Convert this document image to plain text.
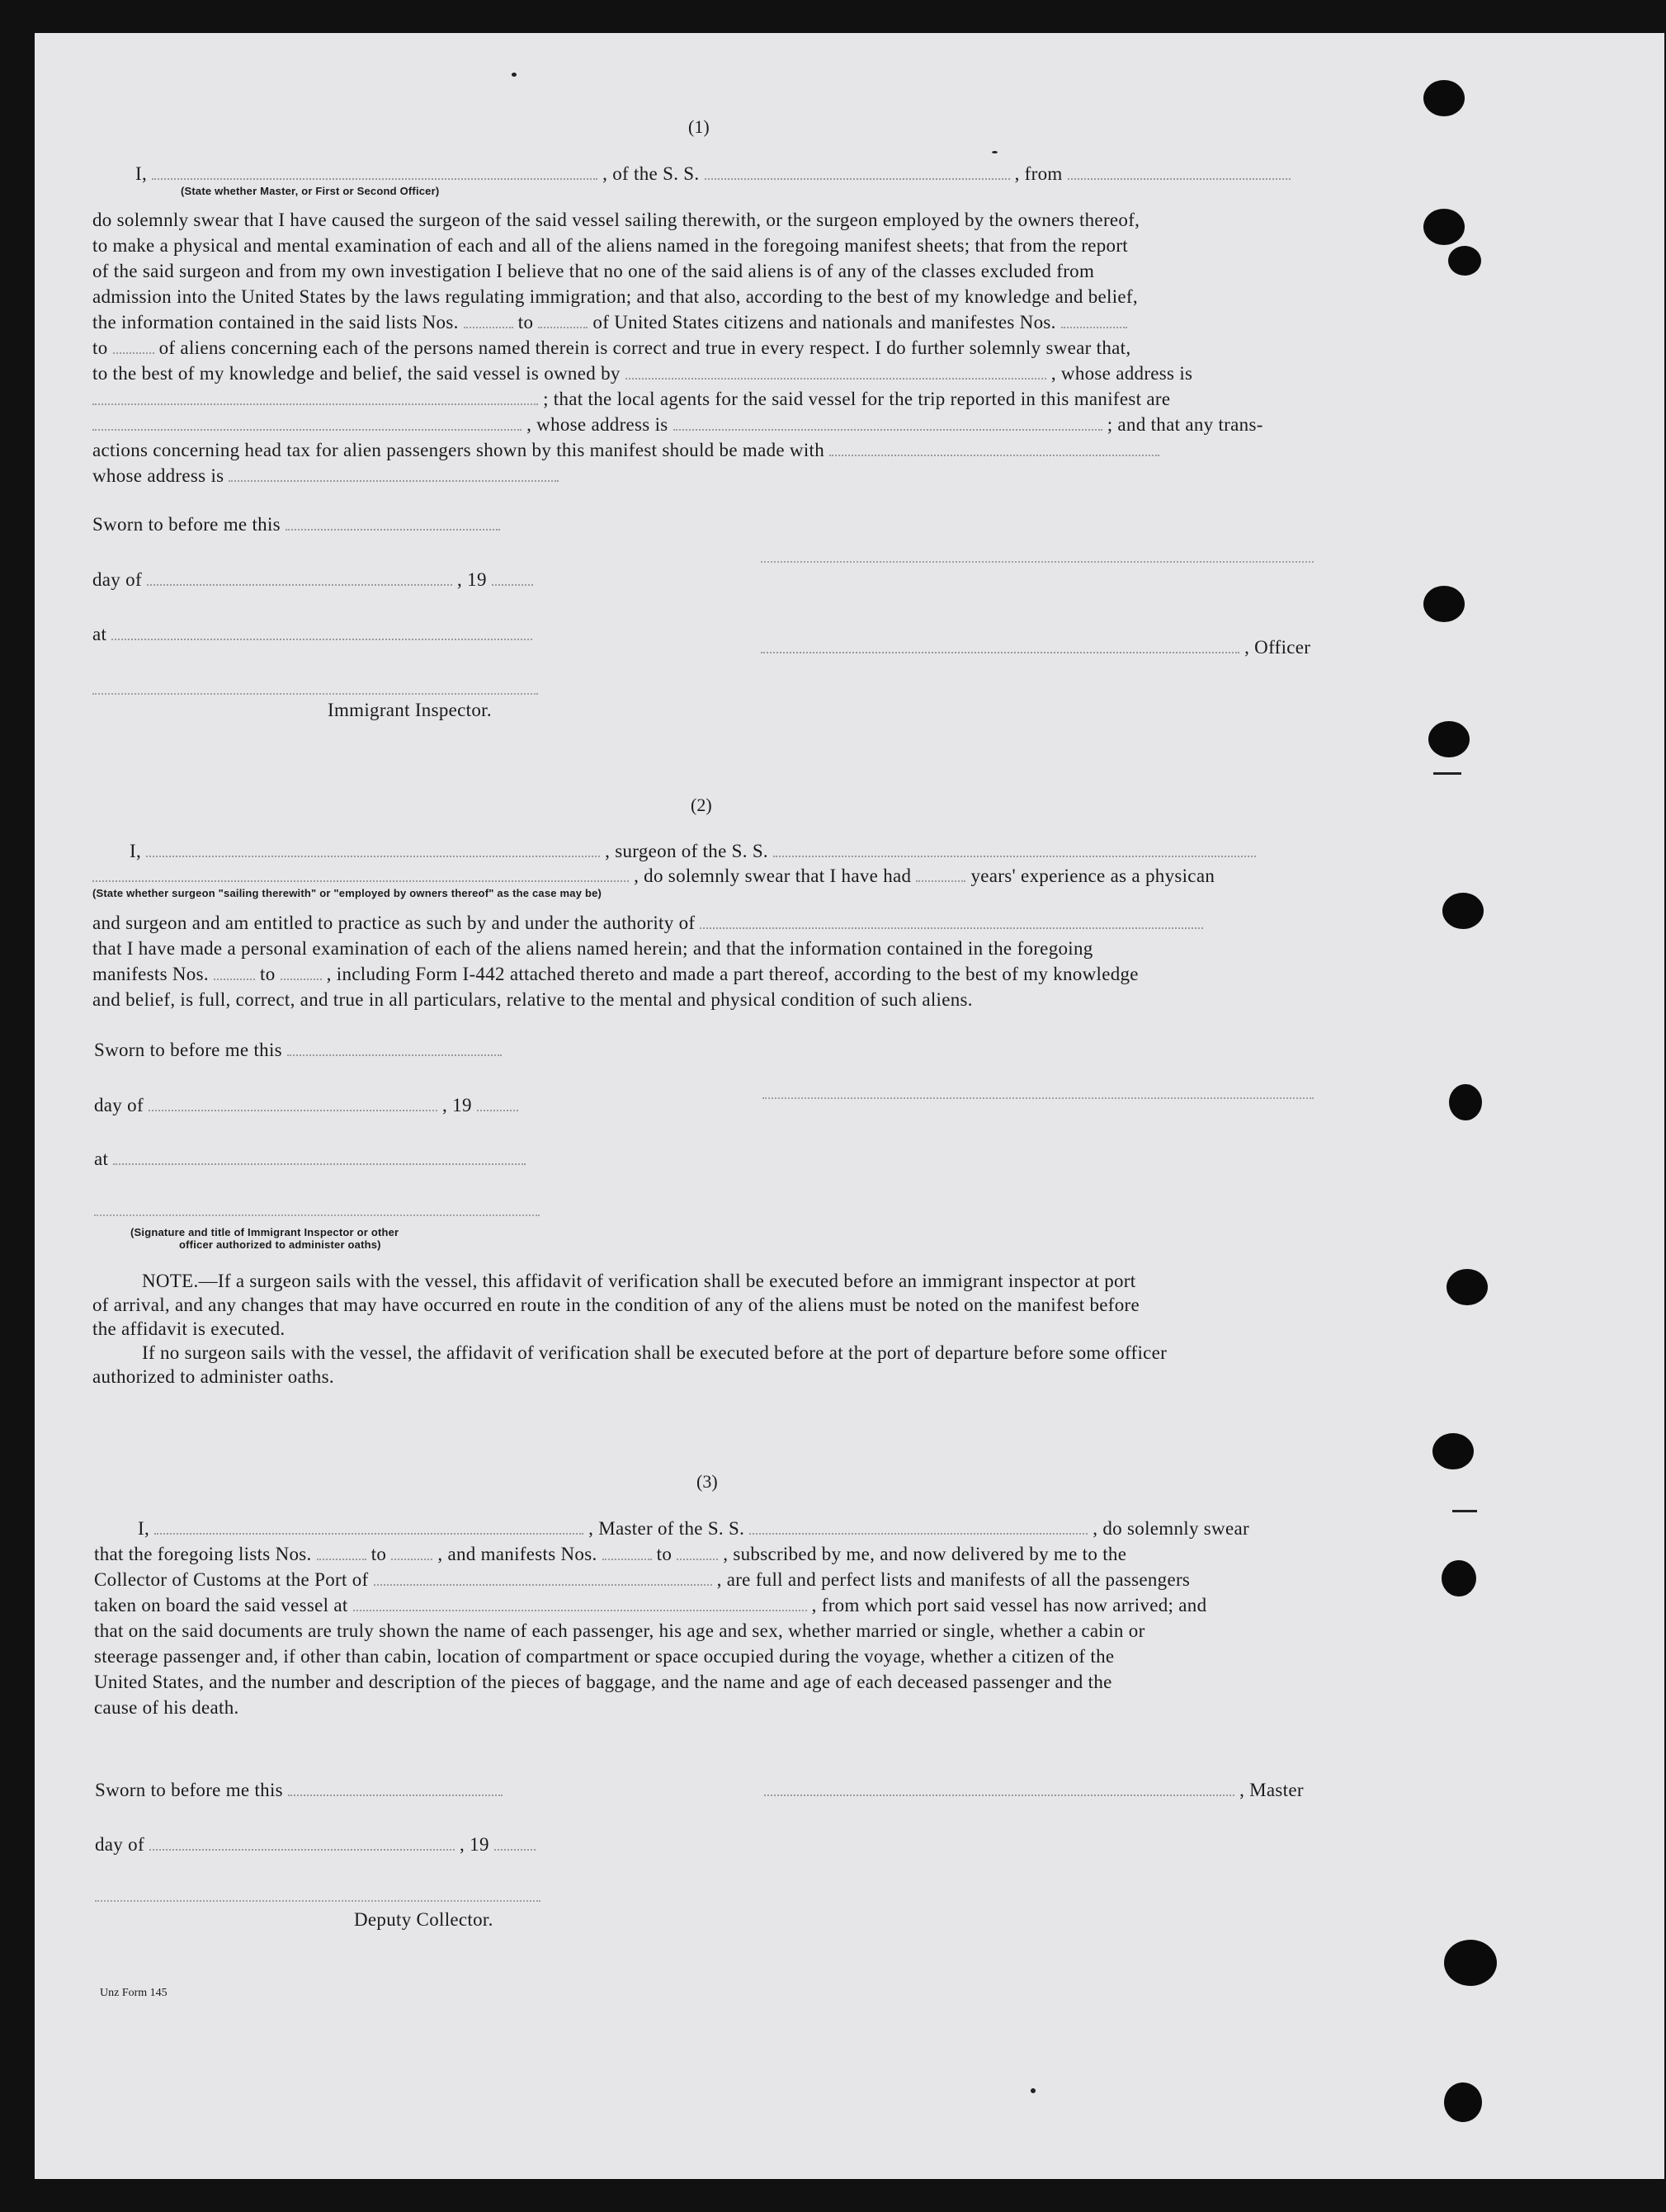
(1)
I,	, of the S. S.	, from
(State whether Master, or First or Second Officer)

do solemnly swear that I have caused the surgeon of the said vessel sailing therewith, or the surgeon employed by the owners thereof,

to make a physical and mental examination of each and all of the aliens named in the foregoing manifest sheets; that from the report

of the said surgeon and from my own investigation I believe that no one of the said aliens is of any of the classes excluded from

admission into the United States by the laws regulating immigration; and that also, according to the best of my knowledge and belief,

the information contained in the said lists Nos.	to	of United States citizens and nationals and manifestes Nos.

to	of aliens concerning each of the persons named therein is correct and true in every respect. I do further solemnly swear that,

to the best of my knowledge and belief, the said vessel is owned by	, whose address is

; that the local agents for the said vessel for the trip reported in this manifest are

, whose address is	; and that any trans-

actions concerning head tax for alien passengers shown by this manifest should be made with

whose address is

Sworn to before me this
day of	, 19
at
, Officer
Immigrant Inspector.
(2)
I,	, surgeon of the S. S.
, do solemnly swear that I have had	years' experience as a physican
(State whether surgeon "sailing therewith" or "employed by owners thereof" as the case may be)

and surgeon and am entitled to practice as such by and under the authority of

that I have made a personal examination of each of the aliens named herein; and that the information contained in the foregoing

manifests Nos.	to	, including Form I-442 attached thereto and made a part thereof, according to the best of my knowledge

and belief, is full, correct, and true in all particulars, relative to the mental and physical condition of such aliens.

Sworn to before me this
day of	, 19
at
(Signature and title of Immigrant Inspector or other
officer authorized to administer oaths)

NOTE.—If a surgeon sails with the vessel, this affidavit of verification shall be executed before an immigrant inspector at port

of arrival, and any changes that may have occurred en route in the condition of any of the aliens must be noted on the manifest before

the affidavit is executed.

If no surgeon sails with the vessel, the affidavit of verification shall be executed before at the port of departure before some officer

authorized to administer oaths.

(3)
I,	, Master of the S. S.	, do solemnly swear

that the foregoing lists Nos.	to	, and manifests Nos.	to	, subscribed by me, and now delivered by me to the

Collector of Customs at the Port of	, are full and perfect lists and manifests of all the passengers

taken on board the said vessel at	, from which port said vessel has now arrived; and

that on the said documents are truly shown the name of each passenger, his age and sex, whether married or single, whether a cabin or

steerage passenger and, if other than cabin, location of compartment or space occupied during the voyage, whether a citizen of the

United States, and the number and description of the pieces of baggage, and the name and age of each deceased passenger and the

cause of his death.

Sworn to before me this	, Master
day of	, 19
Deputy Collector.
Unz Form 145
